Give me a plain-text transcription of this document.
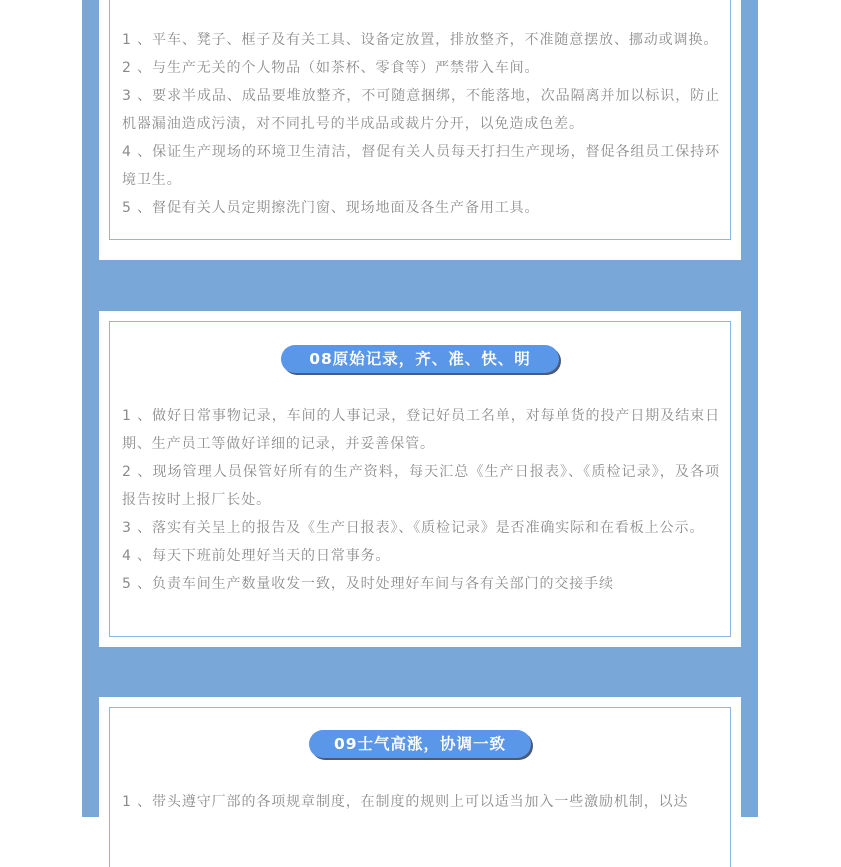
1 、平车、凳子、框子及有关工具、设备定放置，排放整齐，不准随意摆放、挪动或调换。

2 、与生产无关的个人物品（如茶杯、零食等）严禁带入车间。

3 、要求半成品、成品要堆放整齐，不可随意捆绑，不能落地，次品隔离并加以标识，防止机器漏油造成污渍，对不同扎号的半成品或裁片分开，以免造成色差。

4 、保证生产现场的环境卫生清洁，督促有关人员每天打扫生产现场，督促各组员工保持环境卫生。

5 、督促有关人员定期擦洗门窗、现场地面及各生产备用工具。

08原始记录，齐、准、快、明

1 、做好日常事物记录，车间的人事记录，登记好员工名单，对每单货的投产日期及结束日期、生产员工等做好详细的记录，并妥善保管。

2 、现场管理人员保管好所有的生产资料，每天汇总《生产日报表》、《质检记录》，及各项报告按时上报厂长处。

3 、落实有关呈上的报告及《生产日报表》、《质检记录》是否准确实际和在看板上公示。

4 、每天下班前处理好当天的日常事务。

5 、负责车间生产数量收发一致，及时处理好车间与各有关部门的交接手续

09士气高涨，协调一致

1 、带头遵守厂部的各项规章制度，在制度的规则上可以适当加入一些激励机制，以达
